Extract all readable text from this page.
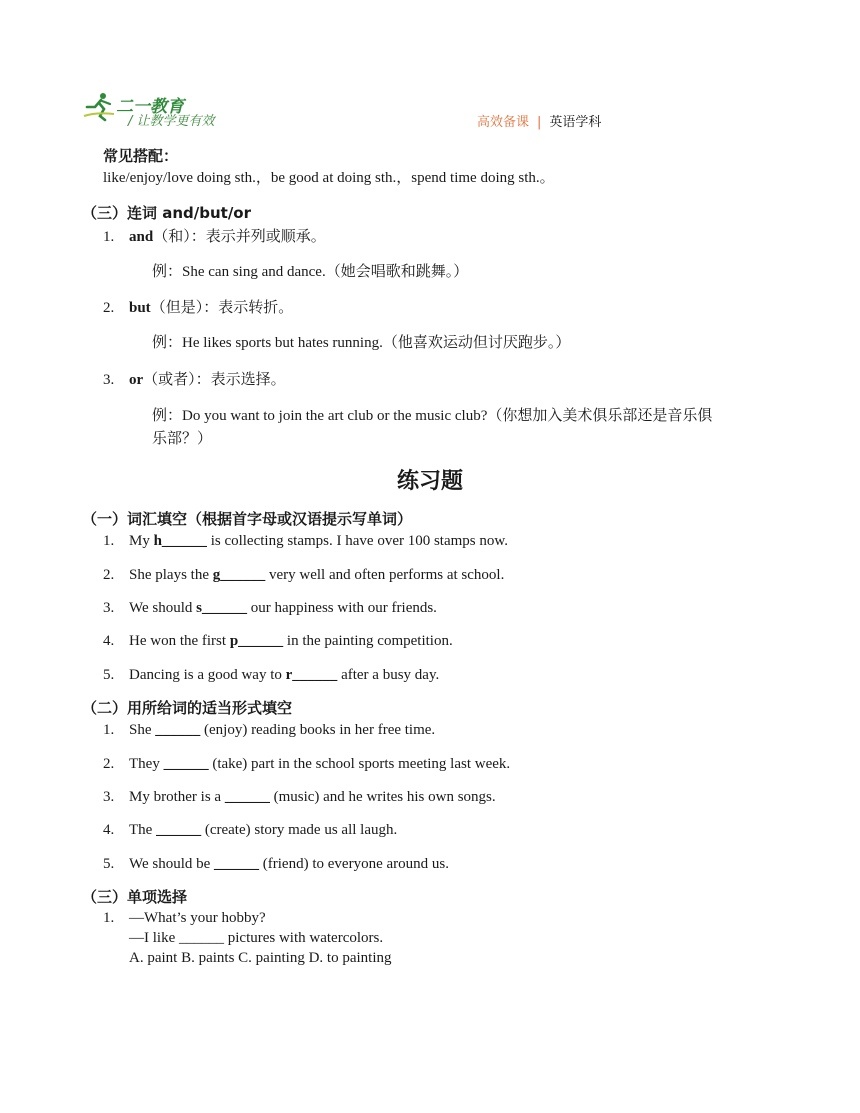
二一教育
/ 让教学更有效	高效备课 | 英语学科
常见搭配：
like/enjoy/love doing sth.，be good at doing sth.，spend time doing sth.。
（三）连词 and/but/or
1. and（和）：表示并列或顺承。
例：She can sing and dance.（她会唱歌和跳舞。）
2. but（但是）：表示转折。
例：He likes sports but hates running.（他喜欢运动但讨厌跑步。）
3. or（或者）：表示选择。
例：Do you want to join the art club or the music club?（你想加入美术俱乐部还是音乐俱
乐部？）
练习题
（一）词汇填空（根据首字母或汉语提示写单词）
1. My h______ is collecting stamps. I have over 100 stamps now.
2. She plays the g______ very well and often performs at school.
3. We should s______ our happiness with our friends.
4. He won the first p______ in the painting competition.
5. Dancing is a good way to r______ after a busy day.
（二）用所给词的适当形式填空
1. She ______ (enjoy) reading books in her free time.
2. They ______ (take) part in the school sports meeting last week.
3. My brother is a ______ (music) and he writes his own songs.
4. The ______ (create) story made us all laugh.
5. We should be ______ (friend) to everyone around us.
（三）单项选择
1. —What’s your hobby?
—I like ______ pictures with watercolors.
A. paint B. paints C. painting D. to painting
